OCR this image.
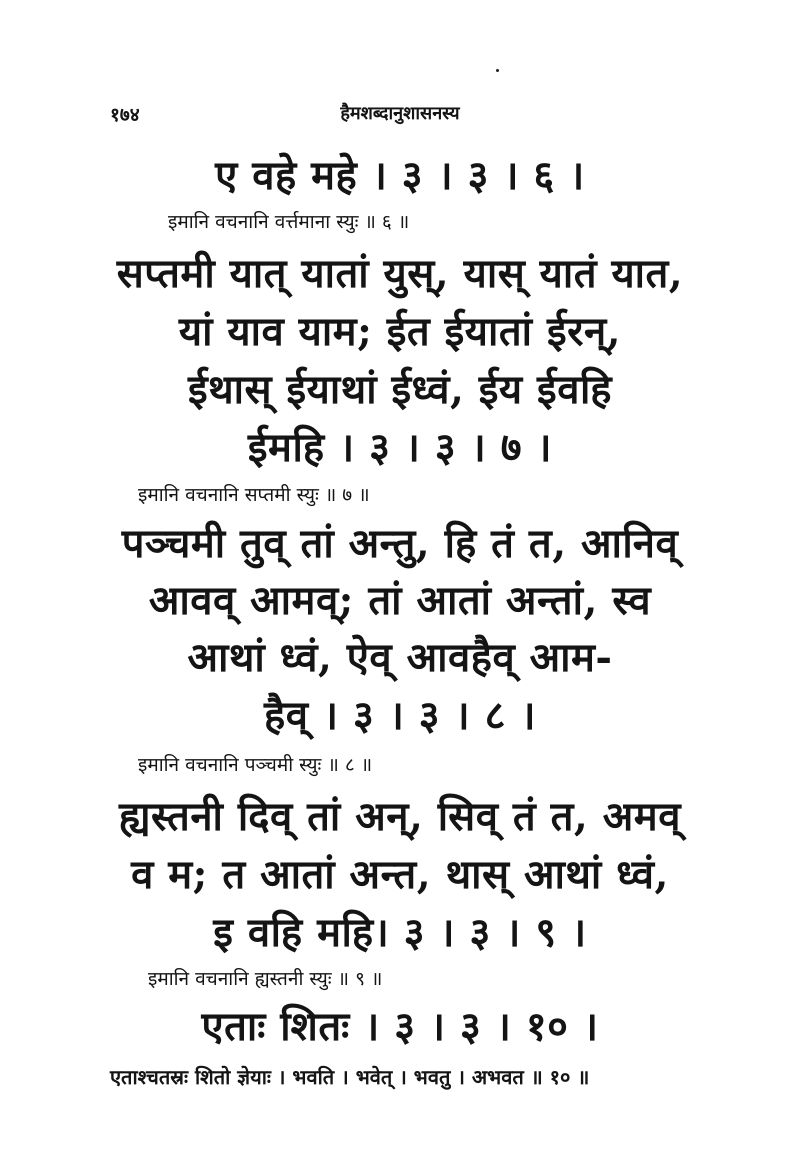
१७४	हैमशब्दानुशासनस्य
ए वहे महे । ३ । ३ । ६ ।
इमानि वचनानि वर्त्तमाना स्युः ॥ ६ ॥
सप्तमी यात् यातां युस्, यास् यातं यात,
यां याव याम; ईत ईयातां ईरन्,
ईथास् ईयाथां ईध्वं, ईय ईवहि
ईमहि । ३ । ३ । ७ ।
इमानि वचनानि सप्तमी स्युः ॥ ७ ॥
पञ्चमी तुव् तां अन्तु, हि तं त, आनिव्
आवव् आमव्; तां आतां अन्तां, स्व
आथां ध्वं, ऐव् आवहैव् आम-
हैव् । ३ । ३ । ८ ।
इमानि वचनानि पञ्चमी स्युः ॥ ८ ॥
ह्यस्तनी दिव् तां अन्, सिव् तं त, अमव्
व म; त आतां अन्त, थास् आथां ध्वं,
इ वहि महि। ३ । ३ । ९ ।
इमानि वचनानि ह्यस्तनी स्युः ॥ ९ ॥
एताः शितः । ३ । ३ । १० ।
एताश्चतस्रः शितो ज्ञेयाः । भवति । भवेत् । भवतु । अभवत ॥ १० ॥
